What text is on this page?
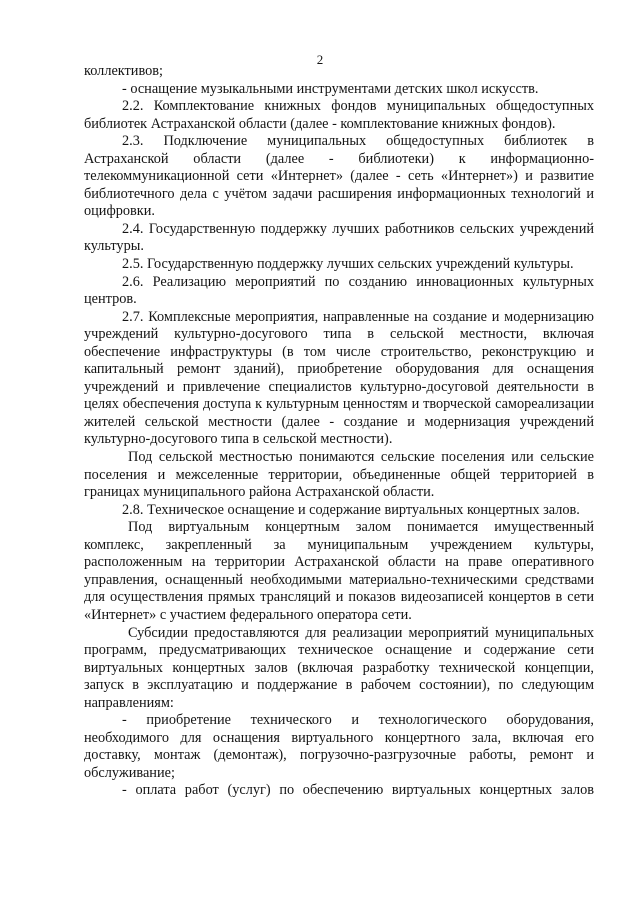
2

коллективов;

- оснащение музыкальными инструментами детских школ искусств.

2.2. Комплектование книжных фондов муниципальных общедоступных библиотек Астраханской области (далее - комплектование книжных фондов).

2.3. Подключение муниципальных общедоступных библиотек в Астраханской области (далее - библиотеки) к информационно-телекоммуникационной сети «Интернет» (далее - сеть «Интернет») и развитие библиотечного дела с учётом задачи расширения информационных технологий и оцифровки.

2.4. Государственную поддержку лучших работников сельских учреждений культуры.

2.5. Государственную поддержку лучших сельских учреждений культуры.

2.6. Реализацию мероприятий по созданию инновационных культурных центров.

2.7. Комплексные мероприятия, направленные на создание и модернизацию учреждений культурно-досугового типа в сельской местности, включая обеспечение инфраструктуры (в том числе строительство, реконструкцию и капитальный ремонт зданий), приобретение оборудования для оснащения учреждений и привлечение специалистов культурно-досуговой деятельности в целях обеспечения доступа к культурным ценностям и творческой самореализации жителей сельской местности (далее - создание и модернизация учреждений культурно-досугового типа в сельской местности).

Под сельской местностью понимаются сельские поселения или сельские поселения и межселенные территории, объединенные общей территорией в границах муниципального района Астраханской области.

2.8. Техническое оснащение и содержание виртуальных концертных залов.

Под виртуальным концертным залом понимается имущественный комплекс, закрепленный за муниципальным учреждением культуры, расположенным на территории Астраханской области на праве оперативного управления, оснащенный необходимыми материально-техническими средствами для осуществления прямых трансляций и показов видеозаписей концертов в сети «Интернет» с участием федерального оператора сети.

Субсидии предоставляются для реализации мероприятий муниципальных программ, предусматривающих техническое оснащение и содержание сети виртуальных концертных залов (включая разработку технической концепции, запуск в эксплуатацию и поддержание в рабочем состоянии), по следующим направлениям:

- приобретение технического и технологического оборудования, необходимого для оснащения виртуального концертного зала, включая его доставку, монтаж (демонтаж), погрузочно-разгрузочные работы, ремонт и обслуживание;

- оплата работ (услуг) по обеспечению виртуальных концертных залов
